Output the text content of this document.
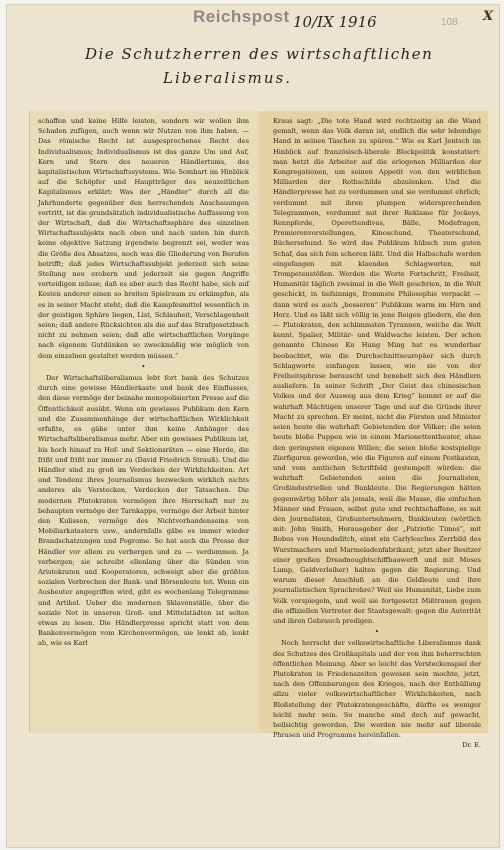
Reichspost 10/IX 1916	108 X
Die Schutzherren des wirtschaftlichen
Liberalismus.

schaffen und keine Hilfe leisten, sondern wir wollen ihm Schaden zufügen, auch wenn wir Nutzen von ihm haben. — Das römische Recht ist ausgesprochenes Recht des Individualismus; Individualismus ist das ganze Um und Auf, Kern und Stern des neueren Händlertums, des kapitalistischen Wirtschaftssystems. Wie Sombart im Hinblick auf die Schöpfer und Hauptträger des neuzeitlichen Kapitalismus erklärt: Was der „Händler“ durch all die Jahrhunderte gegenüber den herrschenden Anschauungen vertritt, ist die grundsätzlich individualistische Auffassung von der Wirtschaft, daß die Wirtschaftssphäre des einzelnen Wirtschaftssubjekts nach oben und nach unten hin durch keine objektive Satzung irgendwie begrenzt sei, weder was die Größe des Absatzes, noch was die Gliederung von Berufen betrifft; daß jedes Wirtschaftssubjekt jederzeit sich seine Stellung neu erobern und jederzeit sie gegen Angriffe verteidigen müsse; daß es aber auch das Recht habe, sich auf Kosten anderer einen so breiten Spielraum zu erkämpfen, als es in seiner Macht steht; daß die Kampfesmittel wesentlich in der geistigen Sphäre liegen, List, Schlauheit, Verschlagenheit seien; daß andere Rücksichten als die auf das Strafgesetzbuch nicht zu nehmen seien; daß alle wirtschaftlichen Vorgänge nach eigenem Gutdünken so zweckmäßig wie möglich von dem einzelnen gestaltet werden müssen.“

•

Der Wirtschaftsliberalismus lebt fort bank des Schutzes durch eine gewisse Händlerkaste und bank des Einflusses, den diese vermöge der beinahe monopolisierten Presse auf die Öffentlichkeit ausübt. Wenn ein gewisses Publikum den Kern und die Zusammenhänge der wirtschaftlichen Wirklichkeit erfaßte, es gäbe unter ihm keine Anhänger des Wirtschaftsliberalismus mehr. Aber ein gewisses Publikum ist, bis hoch hinauf zu Hof- und Sektionsräten — eine Herde, die frißt und frißt nur immer zu (David Friedrich Strauß). Und die Händler sind zu groß im Verdecken der Wirklichkeiten. Art und Tendenz ihres Journalismus bezwecken wirklich nichts anderes als Verstecken, Verdecken der Tatsachen. Die modernen Plutokraten vermögen ihre Herrschaft nur zu behaupten vermöge der Tarnkappe, vermöge der Arbeit hinter den Kulissen, vermöge des Nichtvorhandenseins von Mobiliarkatastern usw., andernfalls gäbe es immer wieder Brandschatzungen und Pogrome. So hat auch die Presse der Händler vor allem zu verbergen und zu — verdummen. Ja verbergen; sie schreibt ellenlang über die Sünden von Aristokraten und Kooperatoren, schweigt aber die größten sozialen Verbrechen der Bank- und Börsenleute tot. Wenn ein Ausbeuter angegriffen wird, gibt es wochenlang Telegramme und Artikel. Ueber die modernen Sklavenställe, über die soziale Not in unseren Groß- und Mittelstädten ist selten etwas zu lesen. Die Händlerpresse spricht statt von dem Bankenvermögen vom Kirchenvermögen, sie lenkt ab, lenkt ab, wie es Karl

Kraus sagt: „Die tote Hand wird rechtzeitig an die Wand gemalt, wenn das Volk daran ist, endlich die sehr lebendige Hand in seinen Taschen zu spüren.“ Wie es Karl Jentsch im Hinblick auf französisch-liberale Blockpolitik konstatiert: man hetzt die Arbeiter auf die erlogenen Milliarden der Kongregationen, um seinen Appetit von den wirklichen Milliarden der Rothschilde abzulenken. Und die Händlerpresse hat zu verdummen und sie verdummt ehrlich; verdummt mit ihren plumpen widersprechenden Telegrammen, verdummt mit ihrer Reklame für Jockeys, Rennpferde, Operettendivas, Bälle, Modefragen, Premierenvorstellungen, Kinoschund, Theaterschund, Büchersehund. So wird das Publikum hübsch zum guten Schaf, das sich fein scheren läßt. Und die Halbschafe werden eingefangen mit klaenden Schlagworten, mit Trompetenstößen. Werden die Worte Fortschritt, Freiheit, Humanität täglich zweimal in die Welt geschrien, in die Welt geschickt, in tiefsinnige, frommste Philosophie verpackt — dann wird es auch „besseren“ Publikum warm im Hirn und Herz. Und es läßt sich völlig in jene Reigen gliedern, die den — Plutokraten, den schlimmsten Tyrannen, welche die Welt kennt, Spalier, Militär- und Waldwache leisten. Der schon genannte Chinese Ku Hung Ming hat es wunderbar beobachtet, wie die Durchschnittseuropäer sich durch Schlagworte einfangen lassen, wie sie von der Freiheitsphrase berauscht und benebelt sich den Händlern ausliefern. In seiner Schrift „Der Geist des chinesischen Volkes und der Ausweg aus dem Krieg“ kommt er auf die wahrhaft Mächtigen unserer Tage und auf die Gründe ihrer Macht zu sprechen. Er meint, nicht die Fürsten und Minister seien heute die wahrhaft Gebietenden der Völker; die seien heute bloße Puppen wie in einem Marionettentheater, ohne den geringsten eigenen Willen; die seien bloße kostspielige Zierfiguren geworden, wie die Figuren auf einem Postkasten, und vom amtlichen Schriftfeld gestempelt würden: die wahrhaft Gebietenden seien die Journalisten, Großindustriellen und Bankleute. Die Regierungen hätten gegenwärtig höher als jemals, weil die Masse, die einfachen Männer und Frauen, selbst gute und rechtschaffene, es mit den Journalisten, Großunternehmern, Bankleuten (wörtlich mit: John Smith, Herausgeber der „Patriotic Times“, mit Bobus von Houndsditch, einst ein Carlylesches Zerrbild des Wurstmachers und Marmeladenfabrikant, jetzt aber Besitzer einer großen Dreadnoughtschiffbauwerft und mit Moses Lump, Geldverleiher) halten gegen die Regierung. Und warum dieser Anschluß an die Geldleute und ihre journalistischen Sprachrohre? Weil sie Humanität, Liebe zum Volk vorspiegeln, und weil sie fortgesetzt Mißtrauen gegen die offiziellen Vertreter der Staatsgewalt: gegen die Autorität und ihren Gebrauch predigen.

•

Noch herrscht der volkswirtschaftliche Liberalismus dank des Schutzes des Großkapitals und der von ihm beherrschten öffentlichen Meinung. Aber so leicht das Versteckenspiel der Plutokraten in Friedenszeiten gewesen sein mochte, jetzt, nach den Offenbarungen des Krieges, nach der Enthüllung allzu vieler volkswirtschaftlicher Wirklichkeiten, nach Bloßstellung der Plutokratengeschäfte, dürfte es weniger leicht mehr sein. So manche sind doch auf gewacht, hellsichtig geworden. Die werden nie mehr auf liberale Phrasen und Programme hereinfallen.

Dr. E.
